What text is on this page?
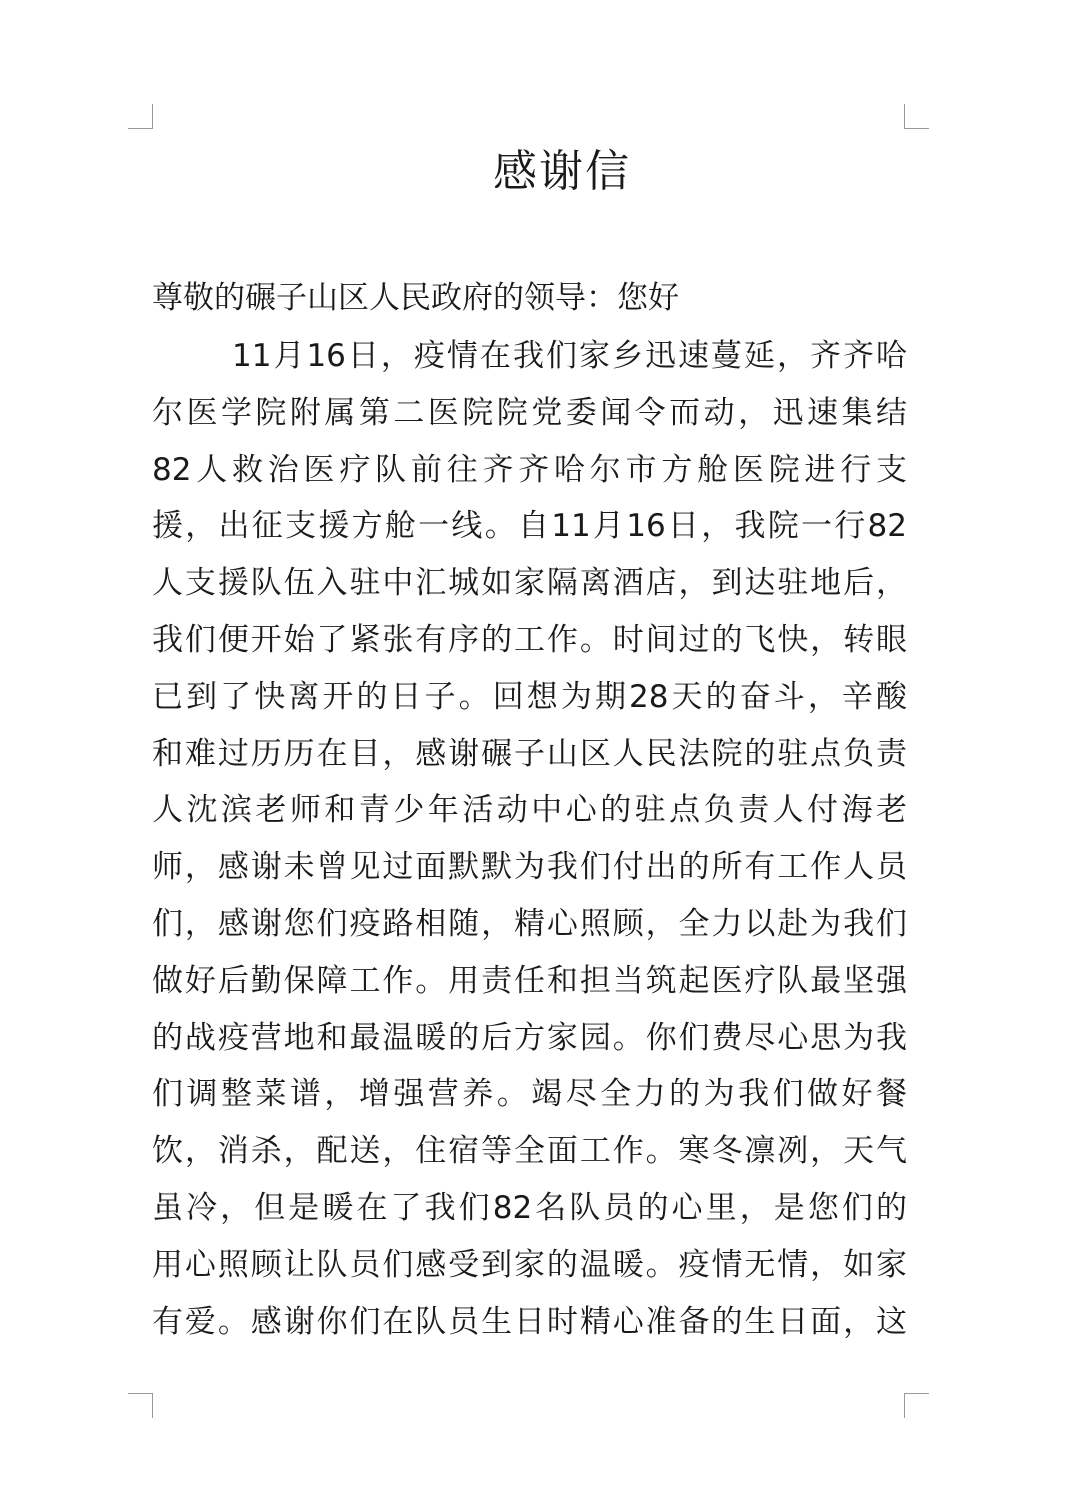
感谢信
尊敬的碾子山区人民政府的领导：您好
11月16日，疫情在我们家乡迅速蔓延，齐齐哈
尔医学院附属第二医院院党委闻令而动，迅速集结
82人救治医疗队前往齐齐哈尔市方舱医院进行支
援，出征支援方舱一线。自11月16日，我院一行82
人支援队伍入驻中汇城如家隔离酒店，到达驻地后，
我们便开始了紧张有序的工作。时间过的飞快，转眼
已到了快离开的日子。回想为期28天的奋斗，辛酸
和难过历历在目，感谢碾子山区人民法院的驻点负责
人沈滨老师和青少年活动中心的驻点负责人付海老
师，感谢未曾见过面默默为我们付出的所有工作人员
们，感谢您们疫路相随，精心照顾，全力以赴为我们
做好后勤保障工作。用责任和担当筑起医疗队最坚强
的战疫营地和最温暖的后方家园。你们费尽心思为我
们调整菜谱，增强营养。竭尽全力的为我们做好餐
饮，消杀，配送，住宿等全面工作。寒冬凛冽，天气
虽冷，但是暖在了我们82名队员的心里，是您们的
用心照顾让队员们感受到家的温暖。疫情无情，如家
有爱。感谢你们在队员生日时精心准备的生日面，这
